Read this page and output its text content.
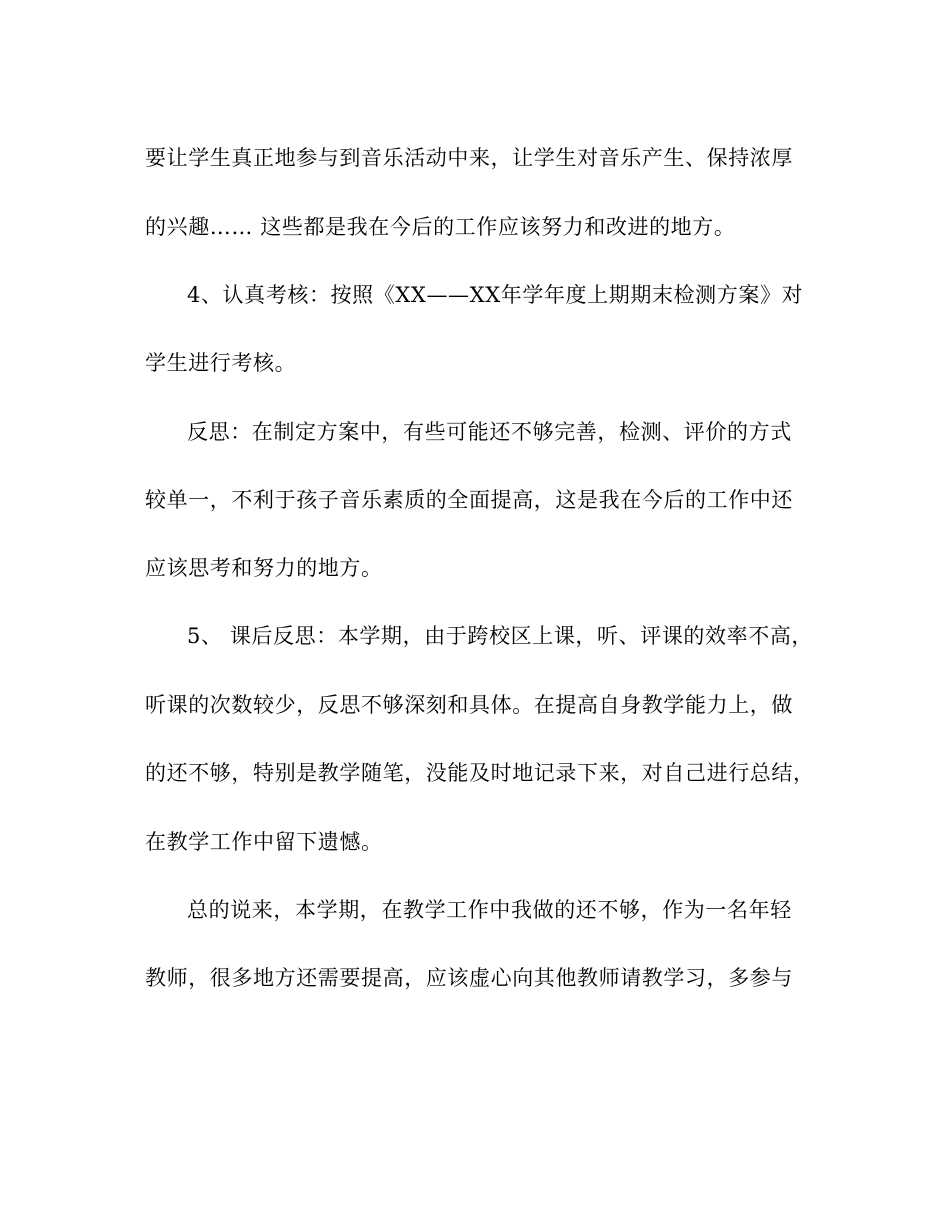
要让学生真正地参与到音乐活动中来，让学生对音乐产生、保持浓厚
的兴趣…… 这些都是我在今后的工作应该努力和改进的地方。
4、认真考核：按照《XX——XX年学年度上期期末检测方案》对
学生进行考核。
反思：在制定方案中，有些可能还不够完善，检测、评价的方式
较单一，不利于孩子音乐素质的全面提高，这是我在今后的工作中还
应该思考和努力的地方。
5、 课后反思：本学期，由于跨校区上课，听、评课的效率不高，
听课的次数较少，反思不够深刻和具体。在提高自身教学能力上，做
的还不够，特别是教学随笔，没能及时地记录下来，对自己进行总结，
在教学工作中留下遗憾。
总的说来，本学期，在教学工作中我做的还不够，作为一名年轻
教师，很多地方还需要提高，应该虚心向其他教师请教学习，多参与
